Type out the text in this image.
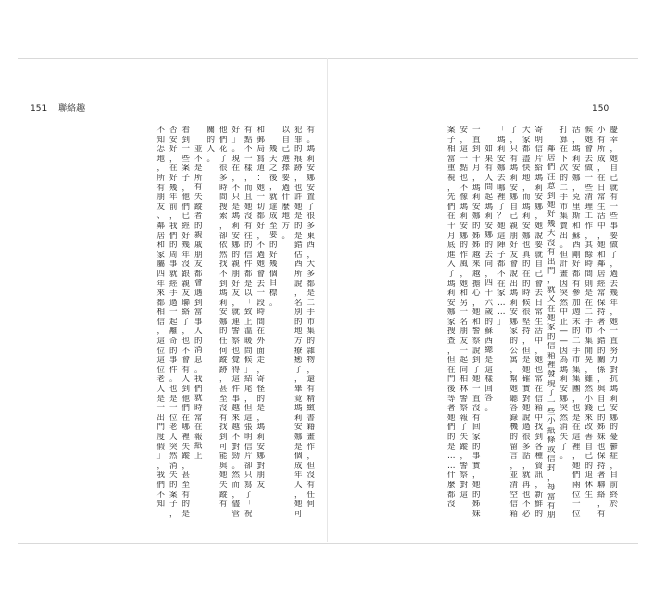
151 聯絡趣	150
慶
幸
，
她
自
己
就
有
一
些
事
要
做
了
，
過
去
幾
年
，
她
一
直
努
力
對
抗
瑪
莉
安
娜
的
憂
鬱
症
，
目
前
終
於
小
有
所
成
，
在
日
常
生
活
中
，
她
和
鄰
居
經
常
保
持
著
不
錯
的
關
係
，
與
自
己
的
姊
妹
也
保
持
著
聯
絡
，
有
候
她
會
去
做
一
些
清
理
工
作
，
其
餘
時
間
則
是
在
二
手
市
集
閒
晃
，
雖
然
小
錢
來
改
善
自
己
的
退
休
生
活
，
瑪
莉
安
娜
，
克
里
斯
和
蘇
西
剛
好
都
有
參
加
週
末
的
二
手
市
集
集
團
，
也
是
在
這
裡
，
她
們
兩
位
一
位
打
算
在
下
次
的
二
手
市
集
賣
出
。
但
計
畫
因
突
然
中
止
—
—
因
為
瑪
莉
安
娜
突
然
消
失
了
。
鄰
居
們
注
意
到
她
好
幾
天
沒
有
出
門
，
就
又
在
她
家
的
信
箱
裡
發
現
了
一
些
小
紙
條
或
信
封
，
每
當
有
朋
寄
明
信
片
給
瑪
莉
安
娜
，
她
說
要
就
自
己
會
去
日
常
生
活
中
，
她
也
常
在
信
箱
中
找
到
各
種
資
訊
，
新
鮮
的
大
家
都
盡
快
地
，
而
瑪
莉
安
娜
也
真
的
在
的
時
候
很
堅
持
，
但
是
她
確
實
對
她
說
過
很
多
話
，
就
再
也
不
必
了
，
只
有
瑪
莉
安
娜
自
己
親
朋
好
友
會
說
出
瑪
莉
安
娜
家
的
公
寓
，
幫
她
聽
答
錄
機
的
留
言
，
並
清
空
信
箱
「
瑪
莉
安
娜
去
哪
裡
了
？
她
這
陣
子
都
不
在
家
…
…
」
如
果
有
人
問
起
瑪
莉
安
娜
的
去
向
，
四
十
六
歲
的
蘇
西
總
是
這
樣
回
答
。
一
直
到
十
月
，
瑪
莉
安
娜
的
姊
姊
越
來
越
擔
心
，
她
和
警
察
說
到
了
她
一
直
沒
有
回
家
的
事
實
，
她
的
姊
妹
安
，
這
一
點
也
不
像
瑪
莉
安
娜
的
作
風
，
她
和
另
一
名
朋
友
一
起
向
柏
林
警
察
報
了
失
蹤
，
警
察
對
這
案
子
相
當
重
視
，
先
們
在
十
月
底
進
入
了
瑪
莉
安
娜
家
搜
查
，
但
在
門
後
等
著
她
們
的
是
…
…
什
麼
都
沒
有
。
瑪
莉
安
娜
安
置
了
很
多
東
西
，
大
多
都
是
二
手
市
集
的
雜
物
，
還
有
精
緻
書
籍
畫
作
，
但
沒
有
任
何
犯
罪
的
痕
跡
，
也
許
她
是
的
是
錯
估
西
所
說
，
名
別
的
地
方
療
癒
了
，
畢
竟
瑪
莉
安
娜
是
個
成
年
人
，
她
可
以
自
己
選
擇
要
過
什
麼
地
方
。
幾
天
之
後
，
就
達
成
至
要
的
好
幾
個
目
標
。
和
郵
局
寫
道
：
她
一
切
都
好
，
不
過
她
會
去
一
段
時
間
在
外
面
走
，
寄
怪
的
是
，
瑪
莉
安
娜
對
朋
友
有
點
不
一
樣
，
而
且
她
沒
有
往
的
信
件
都
是
以
「
致
上
溫
暖
問
候
」
結
尾
，
但
這
張
明
信
片
卻
只
寫
了
「
祝
好
」
。
現
在
，
不
只
是
瑪
莉
安
娜
的
親
朋
好
友
，
就
連
警
察
也
覺
得
這
件
事
越
來
越
不
對
勁
。
然
而
，
儘
管
他
們
花
了
很
多
時
間
搜
索
，
卻
依
然
找
不
到
瑪
莉
安
娜
的
任
何
蹤
跡
，
甚
至
沒
有
找
到
可
能
與
她
失
蹤
有
關
的
人
。
並
不
是
所
有
失
蹤
者
的
親
戚
朋
友
都
會
遇
到
當
事
人
的
消
息
。
我
們
就
時
常
在
報
紙
上
看
到
一
些
案
子
，
他
們
已
經
好
幾
年
沒
跟
親
友
聯
絡
了
，
也
不
會
有
人
到
他
們
在
哪
裡
失
蹤
，
甚
至
有
的
是
否
安
好
，
在
好
幾
年
前
，
我
們
的
周
事
就
經
手
過
一
起
離
奇
的
事
件
。
也
是
一
位
老
人
突
然
消
失
的
案
子
，
不
知
怎
地
，
所
有
朋
友
、
鄰
居
和
家
屬
四
年
來
都
相
信
，
這
位
這
位
老
人
是
一
出
門
度
假
」
，
我
們
不
知
